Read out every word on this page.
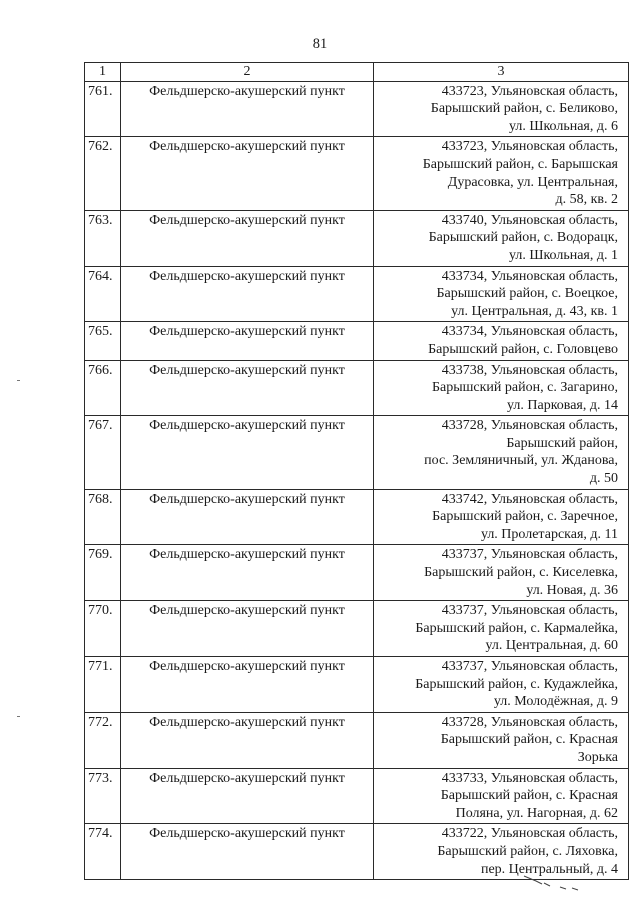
81
1	2	3
761.	Фельдшерско-акушерский пункт	433723, Ульяновская область,
Барышский район, с. Беликово,
ул. Школьная, д. 6

762.	Фельдшерско-акушерский пункт	433723, Ульяновская область,
Барышский район, с. Барышская
Дурасовка, ул. Центральная,
д. 58, кв. 2

763.	Фельдшерско-акушерский пункт	433740, Ульяновская область,
Барышский район, с. Водорацк,
ул. Школьная, д. 1

764.	Фельдшерско-акушерский пункт	433734, Ульяновская область,
Барышский район, с. Воецкое,
ул. Центральная, д. 43, кв. 1

765.	Фельдшерско-акушерский пункт	433734, Ульяновская область,
Барышский район, с. Головцево

766.	Фельдшерско-акушерский пункт	433738, Ульяновская область,
Барышский район, с. Загарино,
ул. Парковая, д. 14

767.	Фельдшерско-акушерский пункт	433728, Ульяновская область,
Барышский район,
пос. Земляничный, ул. Жданова,
д. 50

768.	Фельдшерско-акушерский пункт	433742, Ульяновская область,
Барышский район, с. Заречное,
ул. Пролетарская, д. 11

769.	Фельдшерско-акушерский пункт	433737, Ульяновская область,
Барышский район, с. Киселевка,
ул. Новая, д. 36

770.	Фельдшерско-акушерский пункт	433737, Ульяновская область,
Барышский район, с. Кармалейка,
ул. Центральная, д. 60

771.	Фельдшерско-акушерский пункт	433737, Ульяновская область,
Барышский район, с. Кудажлейка,
ул. Молодёжная, д. 9

772.	Фельдшерско-акушерский пункт	433728, Ульяновская область,
Барышский район, с. Красная
Зорька

773.	Фельдшерско-акушерский пункт	433733, Ульяновская область,
Барышский район, с. Красная
Поляна, ул. Нагорная, д. 62

774.	Фельдшерско-акушерский пункт	433722, Ульяновская область,
Барышский район, с. Ляховка,
пер. Центральный, д. 4
